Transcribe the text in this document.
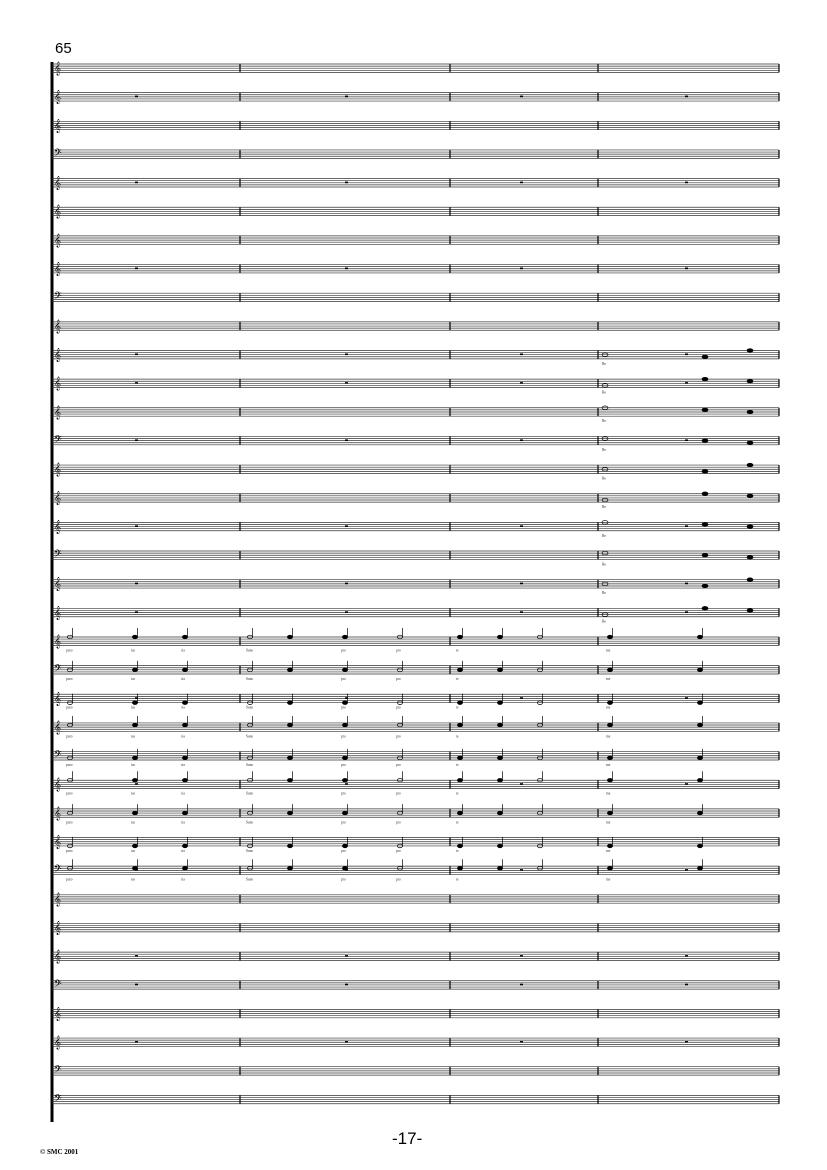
65
𝄞
𝄞
𝄞
𝄢
𝄞
𝄞
𝄞
𝄞
𝄢
𝄞
𝄞
Be
𝄞
Be
𝄞
Be
𝄢
Be
𝄞
Be
𝄞
Be
𝄞
Be
𝄢
Be
𝄞
Be
𝄞
Be
𝄞
puro	tas	ria	Sano	pro	pro	te	me
𝄢
puro	tas	ria	Sano	pro	pro	te	me
𝄞
puro	tas	ria	Sano	pro	pro	te	me
𝄞
puro	tas	ria	Sano	pro	pro	te	me
𝄢
puro	tas	ria	Sano	pro	pro	te	me
𝄞
puro	tas	ria	Sano	pro	pro	te	me
𝄞
puro	tas	ria	Sano	pro	pro	te	me
𝄞
puro	tas	ria	Sano	pro	pro	te	me
𝄢
puro	tas	ria	Sano	pro	pro	te	me
𝄞
𝄞
𝄞
𝄢
𝄞
𝄞
𝄢
𝄢
-17-
© SMC 2001
